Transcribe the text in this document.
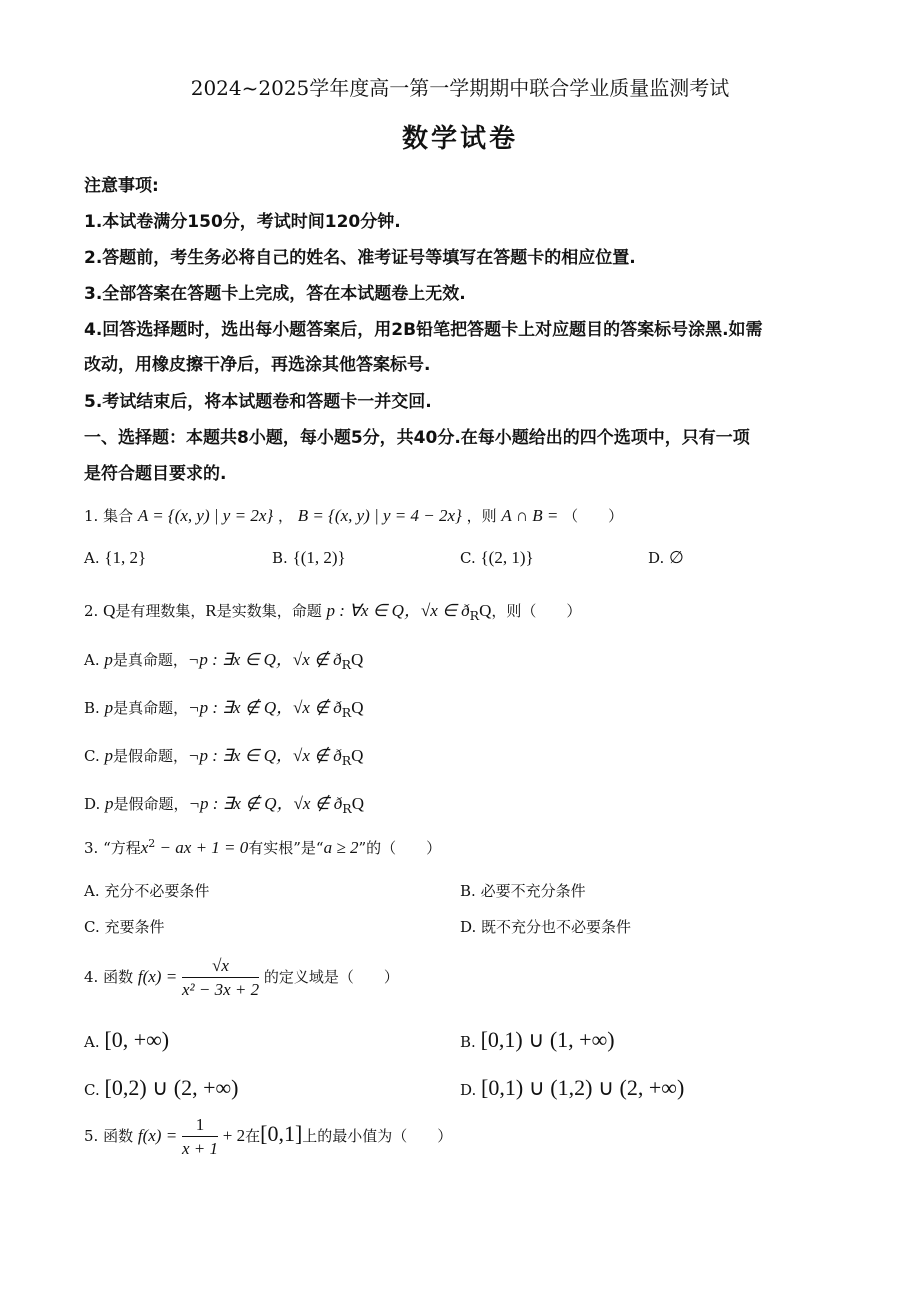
2024~2025学年度高一第一学期期中联合学业质量监测考试
数学试卷
注意事项:
1.本试卷满分150分，考试时间120分钟.
2.答题前，考生务必将自己的姓名、准考证号等填写在答题卡的相应位置.
3.全部答案在答题卡上完成，答在本试题卷上无效.
4.回答选择题时，选出每小题答案后，用2B铅笔把答题卡上对应题目的答案标号涂黑.如需
改动，用橡皮擦干净后，再选涂其他答案标号.
5.考试结束后，将本试题卷和答题卡一并交回.
一、选择题：本题共8小题，每小题5分，共40分.在每小题给出的四个选项中，只有一项
是符合题目要求的.
1. 集合 A = {(x, y) | y = 2x} ， B = {(x, y) | y = 4 − 2x} ，则 A ∩ B = （　　）
A. {1, 2}	B. {(1, 2)}	C. {(2, 1)}	D. ∅
2. Q是有理数集，R是实数集，命题 p : ∀x ∈ Q，√x ∈ $ð_RQ$，则（　　）
A. p是真命题，¬p : ∃x ∈ Q，√x ∉ $ð_RQ$
B. p是真命题，¬p : ∃x ∉ Q，√x ∉ $ð_RQ$
C. p是假命题，¬p : ∃x ∈ Q，√x ∉ $ð_RQ$
D. p是假命题，¬p : ∃x ∉ Q，√x ∉ $ð_RQ$
3. “方程$x^2$ − ax + 1 = 0有实根”是“a ≥ 2”的（　　）
A. 充分不必要条件	B. 必要不充分条件
C. 充要条件	D. 既不充分也不必要条件
4. 函数 $f(x) = \frac{√x}{\text{x² − 3x + 2}}$ 的定义域是（　　）
A. [0, +∞)	B. [0,1) ∪ (1, +∞)
C. [0,2) ∪ (2, +∞)	D. [0,1) ∪ (1,2) ∪ (2, +∞)
5. 函数 $f(x) = \frac{1}{x + 1} + 2$在[0,1]上的最小值为（　　）
